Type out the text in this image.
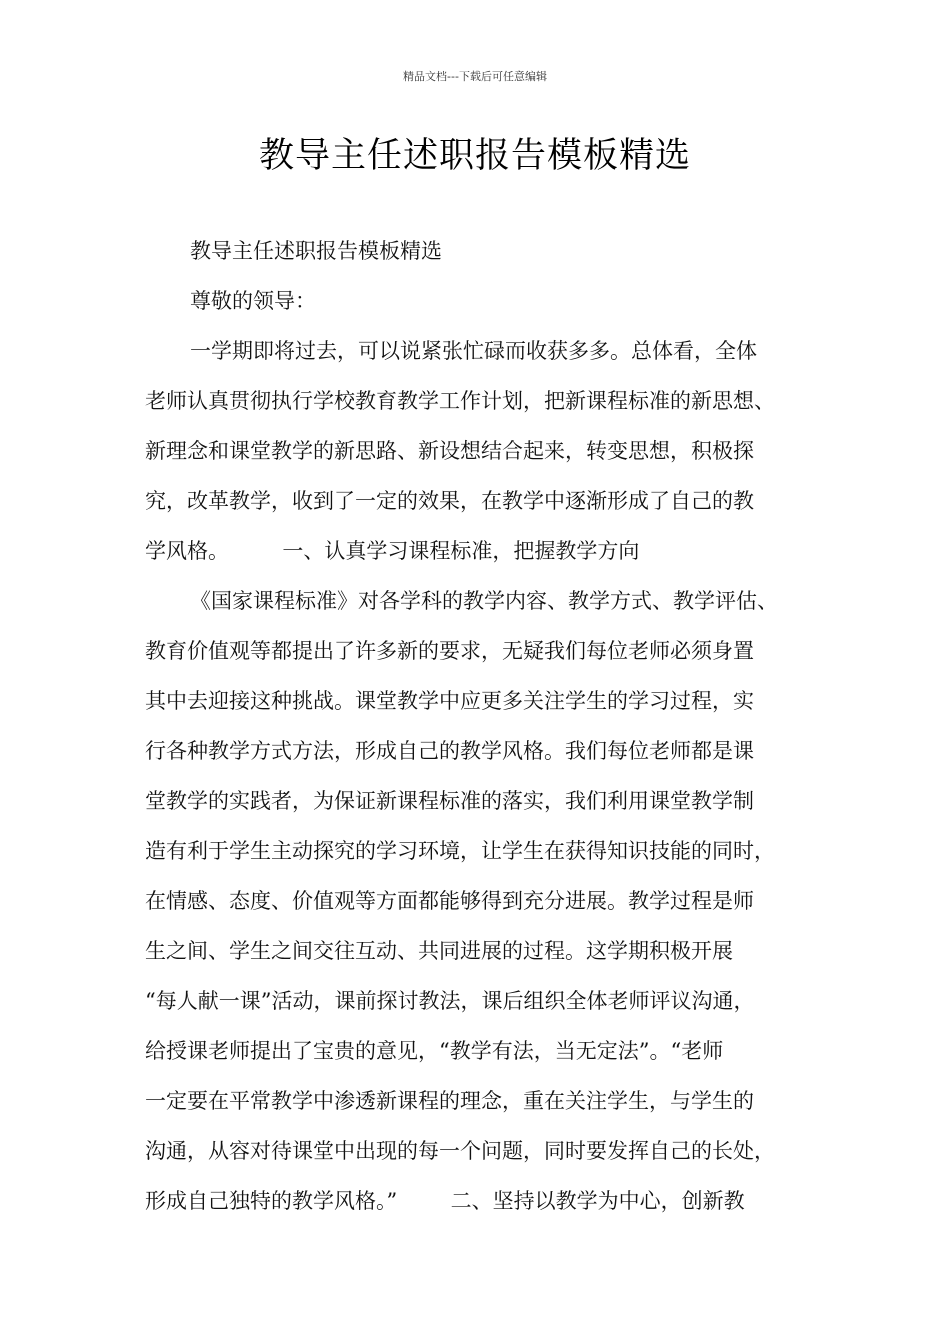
精品文档---下载后可任意编辑
教导主任述职报告模板精选
教导主任述职报告模板精选
尊敬的领导：
一学期即将过去，可以说紧张忙碌而收获多多。总体看，全体
老师认真贯彻执行学校教育教学工作计划，把新课程标准的新思想、
新理念和课堂教学的新思路、新设想结合起来，转变思想，积极探
究，改革教学，收到了一定的效果，在教学中逐渐形成了自己的教
学风格。        一、认真学习课程标准，把握教学方向
《国家课程标准》对各学科的教学内容、教学方式、教学评估、
教育价值观等都提出了许多新的要求，无疑我们每位老师必须身置
其中去迎接这种挑战。课堂教学中应更多关注学生的学习过程，实
行各种教学方式方法，形成自己的教学风格。我们每位老师都是课
堂教学的实践者，为保证新课程标准的落实，我们利用课堂教学制
造有利于学生主动探究的学习环境，让学生在获得知识技能的同时，
在情感、态度、价值观等方面都能够得到充分进展。教学过程是师
生之间、学生之间交往互动、共同进展的过程。这学期积极开展
“每人献一课”活动，课前探讨教法，课后组织全体老师评议沟通，
给授课老师提出了宝贵的意见，“教学有法，当无定法”。“老师
一定要在平常教学中渗透新课程的理念，重在关注学生，与学生的
沟通，从容对待课堂中出现的每一个问题，同时要发挥自己的长处，
形成自己独特的教学风格。”        二、坚持以教学为中心，创新教
